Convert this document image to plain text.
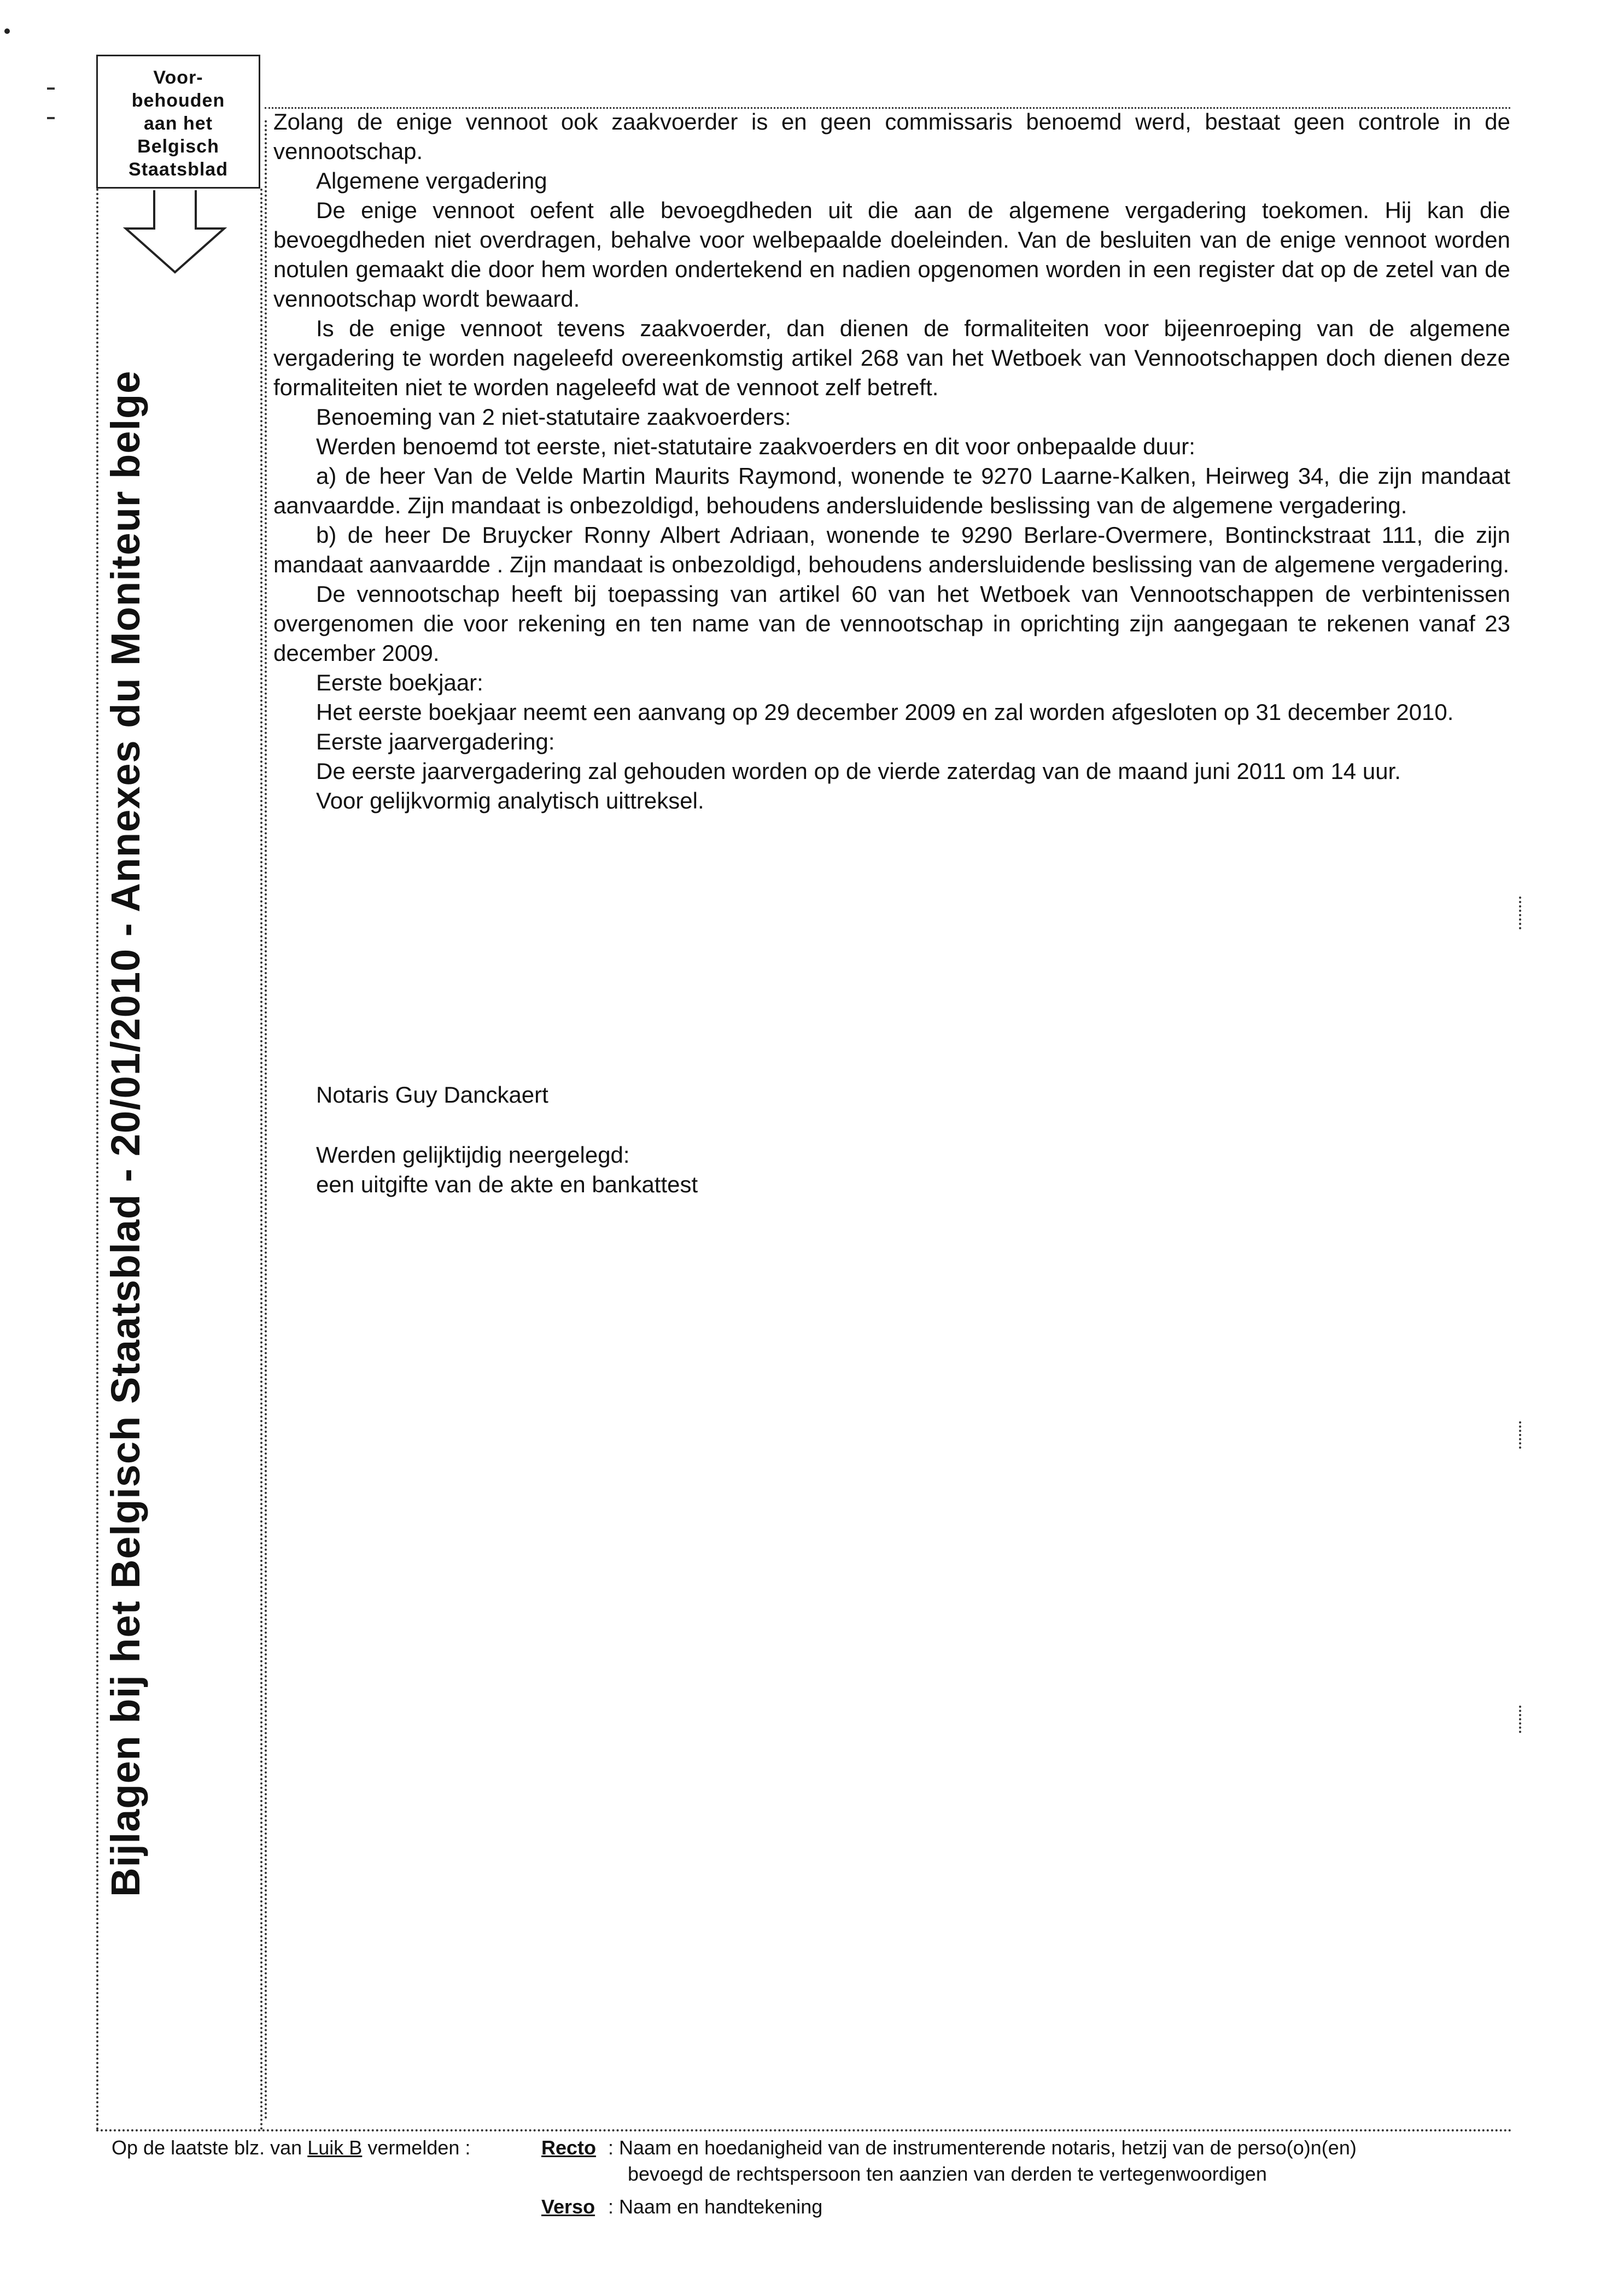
Voor-
behouden
aan het
Belgisch
Staatsblad
Bijlagen bij het Belgisch Staatsblad - 20/01/2010 - Annexes du Moniteur belge

Zolang de enige vennoot ook zaakvoerder is en geen commissaris benoemd werd, bestaat geen controle in de vennootschap.

Algemene vergadering

De enige vennoot oefent alle bevoegdheden uit die aan de algemene vergadering toekomen. Hij kan die bevoegdheden niet overdragen, behalve voor welbepaalde doeleinden. Van de besluiten van de enige vennoot worden notulen gemaakt die door hem worden ondertekend en nadien opgenomen worden in een register dat op de zetel van de vennootschap wordt bewaard.

Is de enige vennoot tevens zaakvoerder, dan dienen de formaliteiten voor bijeenroeping van de algemene vergadering te worden nageleefd overeenkomstig artikel 268 van het Wetboek van Vennootschappen doch dienen deze formaliteiten niet te worden nageleefd wat de vennoot zelf betreft.

Benoeming van 2 niet-statutaire zaakvoerders:

Werden benoemd tot eerste, niet-statutaire zaakvoerders en dit voor onbepaalde duur:

a) de heer Van de Velde Martin Maurits Raymond, wonende te 9270 Laarne-Kalken, Heirweg 34, die zijn mandaat aanvaardde. Zijn mandaat is onbezoldigd, behoudens andersluidende beslissing van de algemene vergadering.

b) de heer De Bruycker Ronny Albert Adriaan, wonende te 9290 Berlare-Overmere, Bontinckstraat 111, die zijn mandaat aanvaardde . Zijn mandaat is onbezoldigd, behoudens andersluidende beslissing van de algemene vergadering.

De vennootschap heeft bij toepassing van artikel 60 van het Wetboek van Vennootschappen de verbintenissen overgenomen die voor rekening en ten name van de vennootschap in oprichting zijn aangegaan te rekenen vanaf 23 december 2009.

Eerste boekjaar:

Het eerste boekjaar neemt een aanvang op 29 december 2009 en zal worden afgesloten op 31 december 2010.

Eerste jaarvergadering:

De eerste jaarvergadering zal gehouden worden op de vierde zaterdag van de maand juni 2011 om 14 uur.

Voor gelijkvormig analytisch uittreksel.

Notaris Guy Danckaert
Werden gelijktijdig neergelegd:
een uitgifte van de akte en bankattest
Op de laatste blz. van Luik B vermelden :	Recto : Naam en hoedanigheid van de instrumenterende notaris, hetzij van de perso(o)n(en)
bevoegd de rechtspersoon ten aanzien van derden te vertegenwoordigen
Verso : Naam en handtekening
